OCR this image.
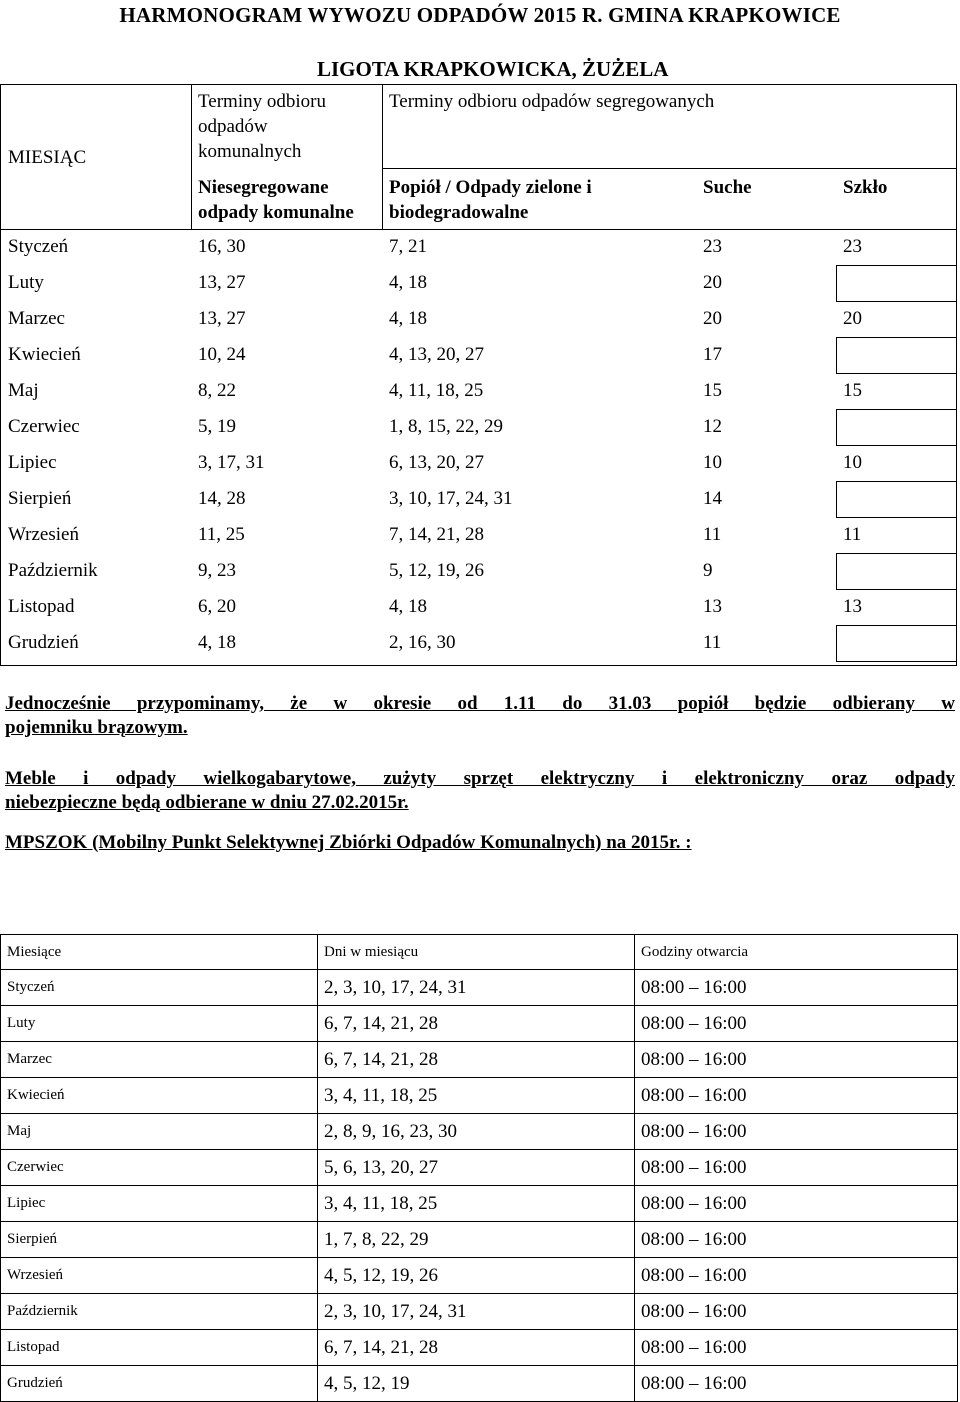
HARMONOGRAM WYWOZU ODPADÓW 2015 R. GMINA KRAPKOWICE
LIGOTA KRAPKOWICKA, ŻUŻELA
MIESIĄC
Terminy odbioru
odpadów
komunalnych
Terminy odbioru odpadów segregowanych
Niesegregowane
odpady komunalne
Popiół / Odpady zielone i
biodegradowalne
Suche	Szkło
Styczeń	16, 30	7, 21	23	23
Luty	13, 27	4, 18	20
Marzec	13, 27	4, 18	20	20
Kwiecień	10, 24	4, 13, 20, 27	17
Maj	8, 22	4, 11, 18, 25	15	15
Czerwiec	5, 19	1, 8, 15, 22, 29	12
Lipiec	3, 17, 31	6, 13, 20, 27	10	10
Sierpień	14, 28	3, 10, 17, 24, 31	14
Wrzesień	11, 25	7, 14, 21, 28	11	11
Październik	9, 23	5, 12, 19, 26	9
Listopad	6, 20	4, 18	13	13
Grudzień	4, 18	2, 16, 30	11

Jednocześnie przypominamy, że w okresie od 1.11 do 31.03 popiół będzie odbierany w
pojemniku brązowym.

Meble i odpady wielkogabarytowe, zużyty sprzęt elektryczny i elektroniczny oraz odpady
niebezpieczne będą odbierane w dniu 27.02.2015r.

MPSZOK (Mobilny Punkt Selektywnej Zbiórki Odpadów Komunalnych) na 2015r. :

Miesiące	Dni w miesiącu	Godziny otwarcia
Styczeń	2, 3, 10, 17, 24, 31	08:00 – 16:00
Luty	6, 7, 14, 21, 28	08:00 – 16:00
Marzec	6, 7, 14, 21, 28	08:00 – 16:00
Kwiecień	3, 4, 11, 18, 25	08:00 – 16:00
Maj	2, 8, 9, 16, 23, 30	08:00 – 16:00
Czerwiec	5, 6, 13, 20, 27	08:00 – 16:00
Lipiec	3, 4, 11, 18, 25	08:00 – 16:00
Sierpień	1, 7, 8, 22, 29	08:00 – 16:00
Wrzesień	4, 5, 12, 19, 26	08:00 – 16:00
Październik	2, 3, 10, 17, 24, 31	08:00 – 16:00
Listopad	6, 7, 14, 21, 28	08:00 – 16:00
Grudzień	4, 5, 12, 19	08:00 – 16:00
